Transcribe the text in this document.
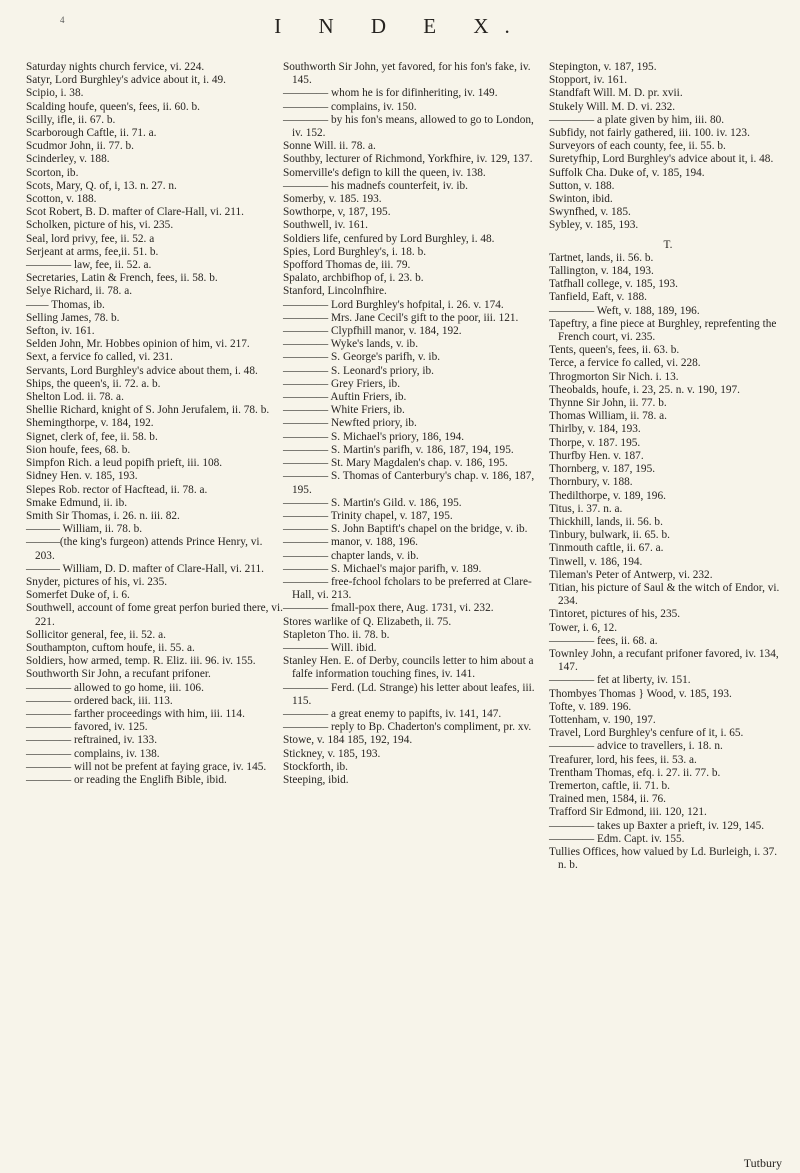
4	I N D E X.
Saturday nights church fervice, vi. 224.
Satyr, Lord Burghley's advice about it, i. 49.
Scipio, i. 38.
Scalding houfe, queen's, fees, ii. 60. b.
Scilly, ifle, ii. 67. b.
Scarborough Caftle, ii. 71. a.
Scudmor John, ii. 77. b.
Scinderley, v. 188.
Scorton, ib.
Scots, Mary, Q. of, i, 13. n. 27. n.
Scotton, v. 188.
Scot Robert, B. D. mafter of Clare-Hall, vi. 211.
Scholken, picture of his, vi. 235.
Seal, lord privy, fee, ii. 52. a
Serjeant at arms, fee,ii. 51. b.
———— law, fee, ii. 52. a.
Secretaries, Latin & French, fees, ii. 58. b.
Selye Richard, ii. 78. a.
—— Thomas, ib.
Selling James, 78. b.
Sefton, iv. 161.
Selden John, Mr. Hobbes opinion of him, vi. 217.
Sext, a fervice fo called, vi. 231.
Servants, Lord Burghley's advice about them, i. 48.
Ships, the queen's, ii. 72. a. b.
Shelton Lod. ii. 78. a.
Shellie Richard, knight of S. John Jerufalem, ii. 78. b.
Shemingthorpe, v. 184, 192.
Signet, clerk of, fee, ii. 58. b.
Sion houfe, fees, 68. b.
Simpfon Rich. a leud popifh prieft, iii. 108.
Sidney Hen. v. 185, 193.
Slepes Rob. rector of Hacftead, ii. 78. a.
Smake Edmund, ii. ib.
Smith Sir Thomas, i. 26. n. iii. 82.
——— William, ii. 78. b.
———(the king's furgeon) attends Prince Henry, vi. 203.
——— William, D. D. mafter of Clare-Hall, vi. 211.
Snyder, pictures of his, vi. 235.
Somerfet Duke of, i. 6.
Southwell, account of fome great perfon buried there, vi. 221.
Sollicitor general, fee, ii. 52. a.
Southampton, cuftom houfe, ii. 55. a.
Soldiers, how armed, temp. R. Eliz. iii. 96. iv. 155.
Southworth Sir John, a recufant prifoner.
———— allowed to go home, iii. 106.
———— ordered back, iii. 113.
———— farther proceedings with him, iii. 114.
———— favored, iv. 125.
———— reftrained, iv. 133.
———— complains, iv. 138.
———— will not be prefent at faying grace, iv. 145.
———— or reading the Englifh Bible, ibid.
Southworth Sir John, yet favored, for his fon's fake, iv. 145.
———— whom he is for difinheriting, iv. 149.
———— complains, iv. 150.
———— by his fon's means, allowed to go to London, iv. 152.
Sonne Will. ii. 78. a.
Southby, lecturer of Richmond, Yorkfhire, iv. 129, 137.
Somerville's defign to kill the queen, iv. 138.
———— his madnefs counterfeit, iv. ib.
Somerby, v. 185. 193.
Sowthorpe, v, 187, 195.
Southwell, iv. 161.
Soldiers life, cenfured by Lord Burghley, i. 48.
Spies, Lord Burghley's, i. 18. b.
Spofford Thomas de, iii. 79.
Spalato, archbifhop of, i. 23. b.
Stanford, Lincolnfhire.
———— Lord Burghley's hofpital, i. 26. v. 174.
———— Mrs. Jane Cecil's gift to the poor, iii. 121.
———— Clypfhill manor, v. 184, 192.
———— Wyke's lands, v. ib.
———— S. George's parifh, v. ib.
———— S. Leonard's priory, ib.
———— Grey Friers, ib.
———— Auftin Friers, ib.
———— White Friers, ib.
———— Newfted priory, ib.
———— S. Michael's priory, 186, 194.
———— S. Martin's parifh, v. 186, 187, 194, 195.
———— St. Mary Magdalen's chap. v. 186, 195.
———— S. Thomas of Canterbury's chap. v. 186, 187, 195.
———— S. Martin's Gild. v. 186, 195.
———— Trinity chapel, v. 187, 195.
———— S. John Baptift's chapel on the bridge, v. ib.
———— manor, v. 188, 196.
———— chapter lands, v. ib.
———— S. Michael's major parifh, v. 189.
———— free-fchool fcholars to be preferred at Clare-Hall, vi. 213.
———— fmall-pox there, Aug. 1731, vi. 232.
Stores warlike of Q. Elizabeth, ii. 75.
Stapleton Tho. ii. 78. b.
———— Will. ibid.
Stanley Hen. E. of Derby, councils letter to him about a falfe information touching fines, iv. 141.
———— Ferd. (Ld. Strange) his letter about leafes, iii. 115.
———— a great enemy to papifts, iv. 141, 147.
———— reply to Bp. Chaderton's compliment, pr. xv.
Stowe, v. 184 185, 192, 194.
Stickney, v. 185, 193.
Stockforth, ib.
Steeping, ibid.
Stepington, v. 187, 195.
Stopport, iv. 161.
Standfaft Will. M. D. pr. xvii.
Stukely Will. M. D. vi. 232.
———— a plate given by him, iii. 80.
Subfidy, not fairly gathered, iii. 100. iv. 123.
Surveyors of each county, fee, ii. 55. b.
Suretyfhip, Lord Burghley's advice about it, i. 48.
Suffolk Cha. Duke of, v. 185, 194.
Sutton, v. 188.
Swinton, ibid.
Swynfhed, v. 185.
Sybley, v. 185, 193.
T.
Tartnet, lands, ii. 56. b.
Tallington, v. 184, 193.
Tatfhall college, v. 185, 193.
Tanfield, Eaft, v. 188.
———— Weft, v. 188, 189, 196.
Tapeftry, a fine piece at Burghley, reprefenting the French court, vi. 235.
Tents, queen's, fees, ii. 63. b.
Terce, a fervice fo called, vi. 228.
Throgmorton Sir Nich. i. 13.
Theobalds, houfe, i. 23, 25. n. v. 190, 197.
Thynne Sir John, ii. 77. b.
Thomas William, ii. 78. a.
Thirlby, v. 184, 193.
Thorpe, v. 187. 195.
Thurfby Hen. v. 187.
Thornberg, v. 187, 195.
Thornbury, v. 188.
Thedilthorpe, v. 189, 196.
Titus, i. 37. n. a.
Thickhill, lands, ii. 56. b.
Tinbury, bulwark, ii. 65. b.
Tinmouth caftle, ii. 67. a.
Tinwell, v. 186, 194.
Tileman's Peter of Antwerp, vi. 232.
Titian, his picture of Saul & the witch of Endor, vi. 234.
Tintoret, pictures of his, 235.
Tower, i. 6, 12.
———— fees, ii. 68. a.
Townley John, a recufant prifoner favored, iv. 134, 147.
———— fet at liberty, iv. 151.
Thombyes Thomas } Wood, v. 185, 193.
Tofte, v. 189. 196.
Tottenham, v. 190, 197.
Travel, Lord Burghley's cenfure of it, i. 65.
———— advice to travellers, i. 18. n.
Treafurer, lord, his fees, ii. 53. a.
Trentham Thomas, efq. i. 27. ii. 77. b.
Tremerton, caftle, ii. 71. b.
Trained men, 1584, ii. 76.
Trafford Sir Edmond, iii. 120, 121.
———— takes up Baxter a prieft, iv. 129, 145.
———— Edm. Capt. iv. 155.
Tullies Offices, how valued by Ld. Burleigh, i. 37. n. b.
Tutbury
